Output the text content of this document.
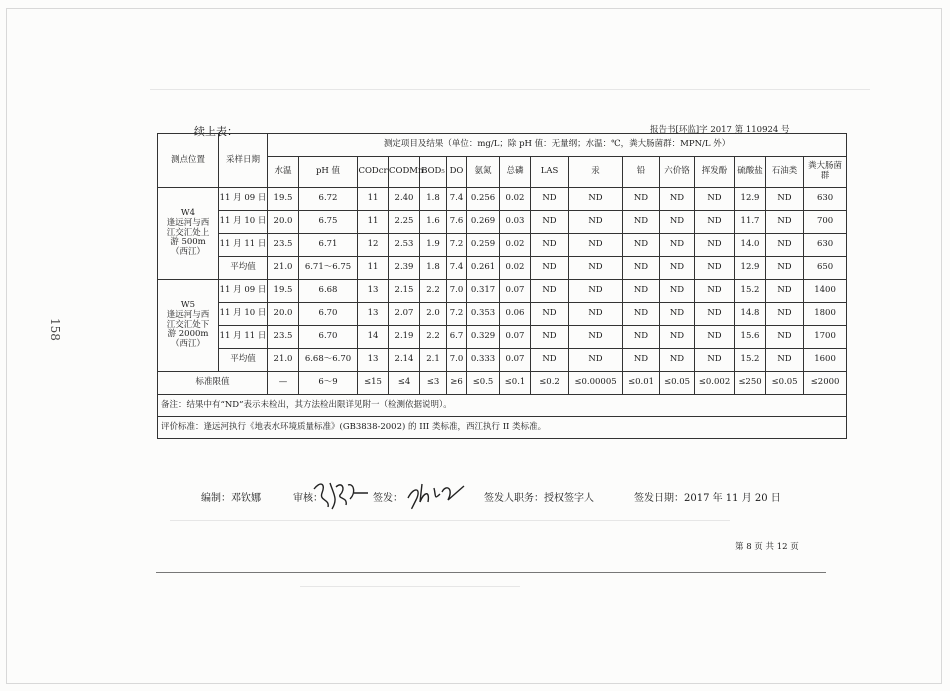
158
续上表：	报告书[环监]字 2017 第 110924 号
测点位置	采样日期	测定项目及结果（单位：mg/L；除 pH 值：无量纲；水温：℃，粪大肠菌群：MPN/L 外）															
		水温	pH 值	CODcr	CODMn	BOD₅	DO	氨氮	总磷	LAS	汞	铅	六价铬	挥发酚	硫酸盐	石油类	粪大肠菌群

W4
逢远河与西
江交汇处上
游 500m
（西江）	11 月 09 日	19.5	6.72	11	2.40	1.8	7.4	0.256	0.02	ND	ND	ND	ND	ND	12.9	ND	630
	11 月 10 日	20.0	6.75	11	2.25	1.6	7.6	0.269	0.03	ND	ND	ND	ND	ND	11.7	ND	700
	11 月 11 日	23.5	6.71	12	2.53	1.9	7.2	0.259	0.02	ND	ND	ND	ND	ND	14.0	ND	630
	平均值	21.0	6.71～6.75	11	2.39	1.8	7.4	0.261	0.02	ND	ND	ND	ND	ND	12.9	ND	650

W5
逢远河与西
江交汇处下
游 2000m
（西江）	11 月 09 日	19.5	6.68	13	2.15	2.2	7.0	0.317	0.07	ND	ND	ND	ND	ND	15.2	ND	1400
	11 月 10 日	20.0	6.70	13	2.07	2.0	7.2	0.353	0.06	ND	ND	ND	ND	ND	14.8	ND	1800
	11 月 11 日	23.5	6.70	14	2.19	2.2	6.7	0.329	0.07	ND	ND	ND	ND	ND	15.6	ND	1700
	平均值	21.0	6.68～6.70	13	2.14	2.1	7.0	0.333	0.07	ND	ND	ND	ND	ND	15.2	ND	1600
标准限值		—	6～9	≤15	≤4	≤3	≥6	≤0.5	≤0.1	≤0.2	≤0.00005	≤0.01	≤0.05	≤0.002	≤250	≤0.05	≤2000
备注：结果中有“ND”表示未检出，其方法检出限详见附一（检测依据说明）。																	
评价标准：逢远河执行《地表水环境质量标准》(GB3838-2002) 的 III 类标准，西江执行 II 类标准。																	
编制：邓钦娜	审核：	签发：	签发人职务：授权签字人	签发日期：2017 年 11 月 20 日
第 8 页 共 12 页
